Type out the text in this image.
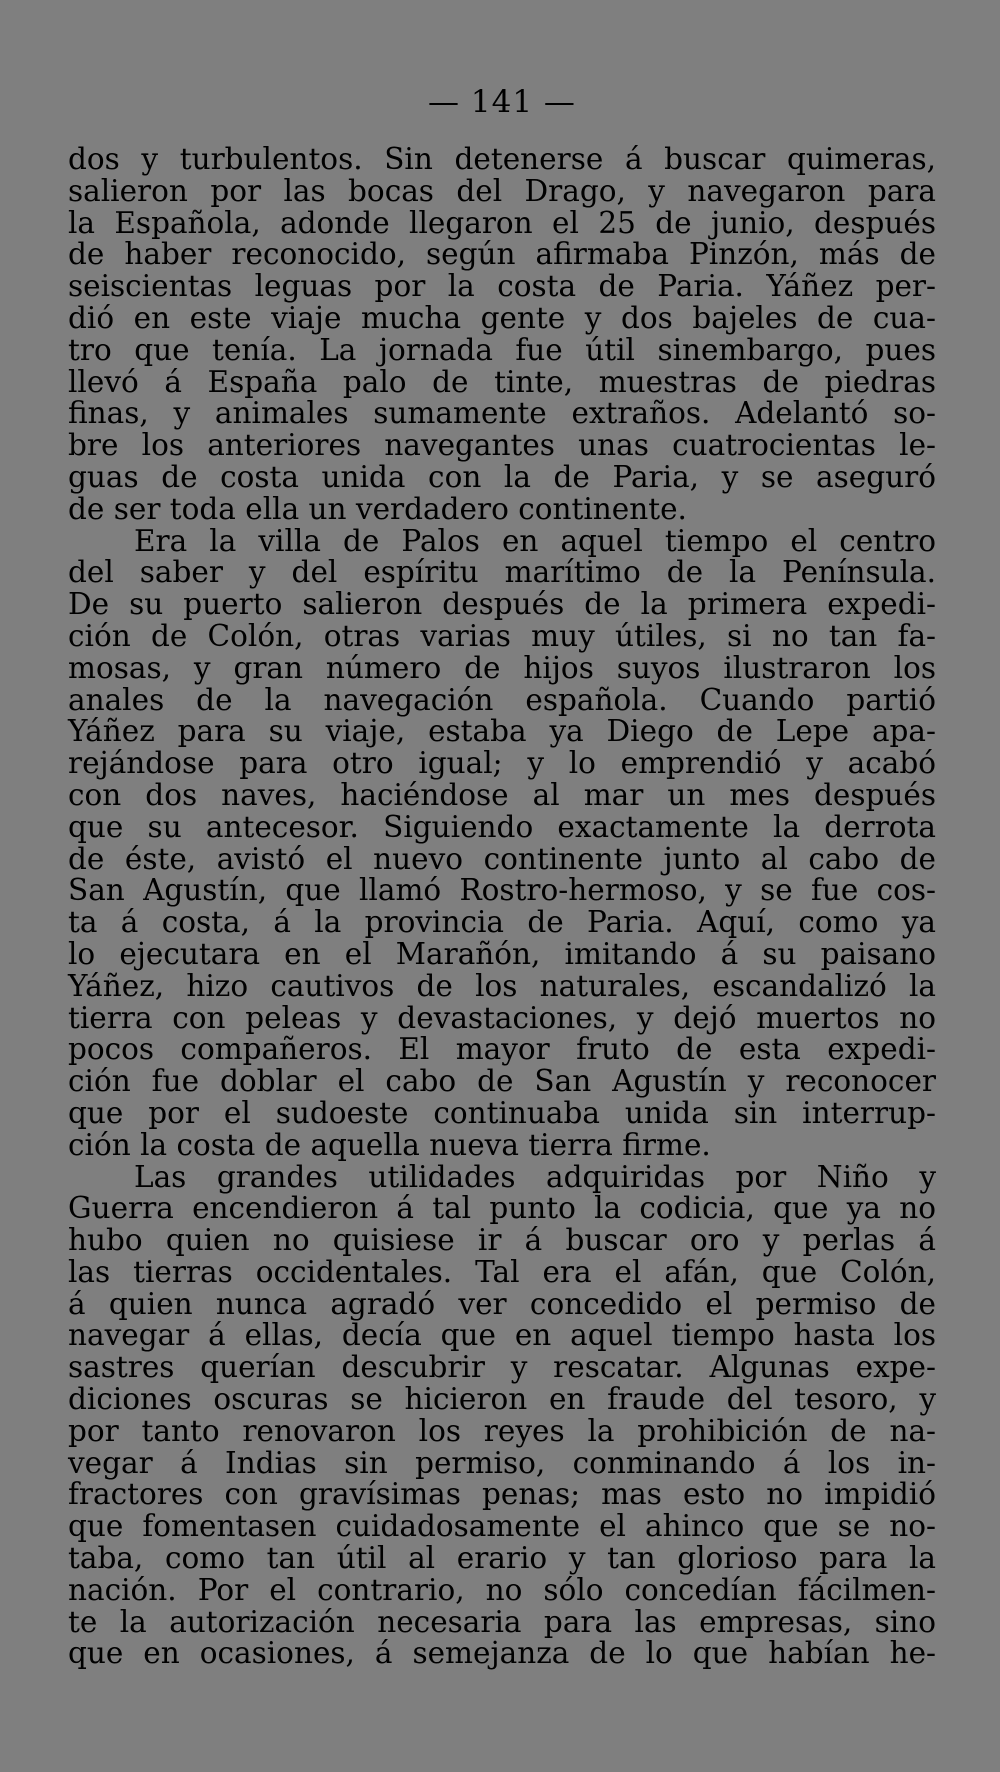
— 141 —
dos y turbulentos. Sin detenerse á buscar quimeras,
salieron por las bocas del Drago, y navegaron para
la Española, adonde llegaron el 25 de junio, después
de haber reconocido, según afirmaba Pinzón, más de
seiscientas leguas por la costa de Paria. Yáñez per-
dió en este viaje mucha gente y dos bajeles de cua-
tro que tenía. La jornada fue útil sinembargo, pues
llevó á España palo de tinte, muestras de piedras
finas, y animales sumamente extraños. Adelantó so-
bre los anteriores navegantes unas cuatrocientas le-
guas de costa unida con la de Paria, y se aseguró
de ser toda ella un verdadero continente.
Era la villa de Palos en aquel tiempo el centro
del saber y del espíritu marítimo de la Península.
De su puerto salieron después de la primera expedi-
ción de Colón, otras varias muy útiles, si no tan fa-
mosas, y gran número de hijos suyos ilustraron los
anales de la navegación española. Cuando partió
Yáñez para su viaje, estaba ya Diego de Lepe apa-
rejándose para otro igual; y lo emprendió y acabó
con dos naves, haciéndose al mar un mes después
que su antecesor. Siguiendo exactamente la derrota
de éste, avistó el nuevo continente junto al cabo de
San Agustín, que llamó Rostro-hermoso, y se fue cos-
ta á costa, á la provincia de Paria. Aquí, como ya
lo ejecutara en el Marañón, imitando á su paisano
Yáñez, hizo cautivos de los naturales, escandalizó la
tierra con peleas y devastaciones, y dejó muertos no
pocos compañeros. El mayor fruto de esta expedi-
ción fue doblar el cabo de San Agustín y reconocer
que por el sudoeste continuaba unida sin interrup-
ción la costa de aquella nueva tierra firme.
Las grandes utilidades adquiridas por Niño y
Guerra encendieron á tal punto la codicia, que ya no
hubo quien no quisiese ir á buscar oro y perlas á
las tierras occidentales. Tal era el afán, que Colón,
á quien nunca agradó ver concedido el permiso de
navegar á ellas, decía que en aquel tiempo hasta los
sastres querían descubrir y rescatar. Algunas expe-
diciones oscuras se hicieron en fraude del tesoro, y
por tanto renovaron los reyes la prohibición de na-
vegar á Indias sin permiso, conminando á los in-
fractores con gravísimas penas; mas esto no impidió
que fomentasen cuidadosamente el ahinco que se no-
taba, como tan útil al erario y tan glorioso para la
nación. Por el contrario, no sólo concedían fácilmen-
te la autorización necesaria para las empresas, sino
que en ocasiones, á semejanza de lo que habían he-
